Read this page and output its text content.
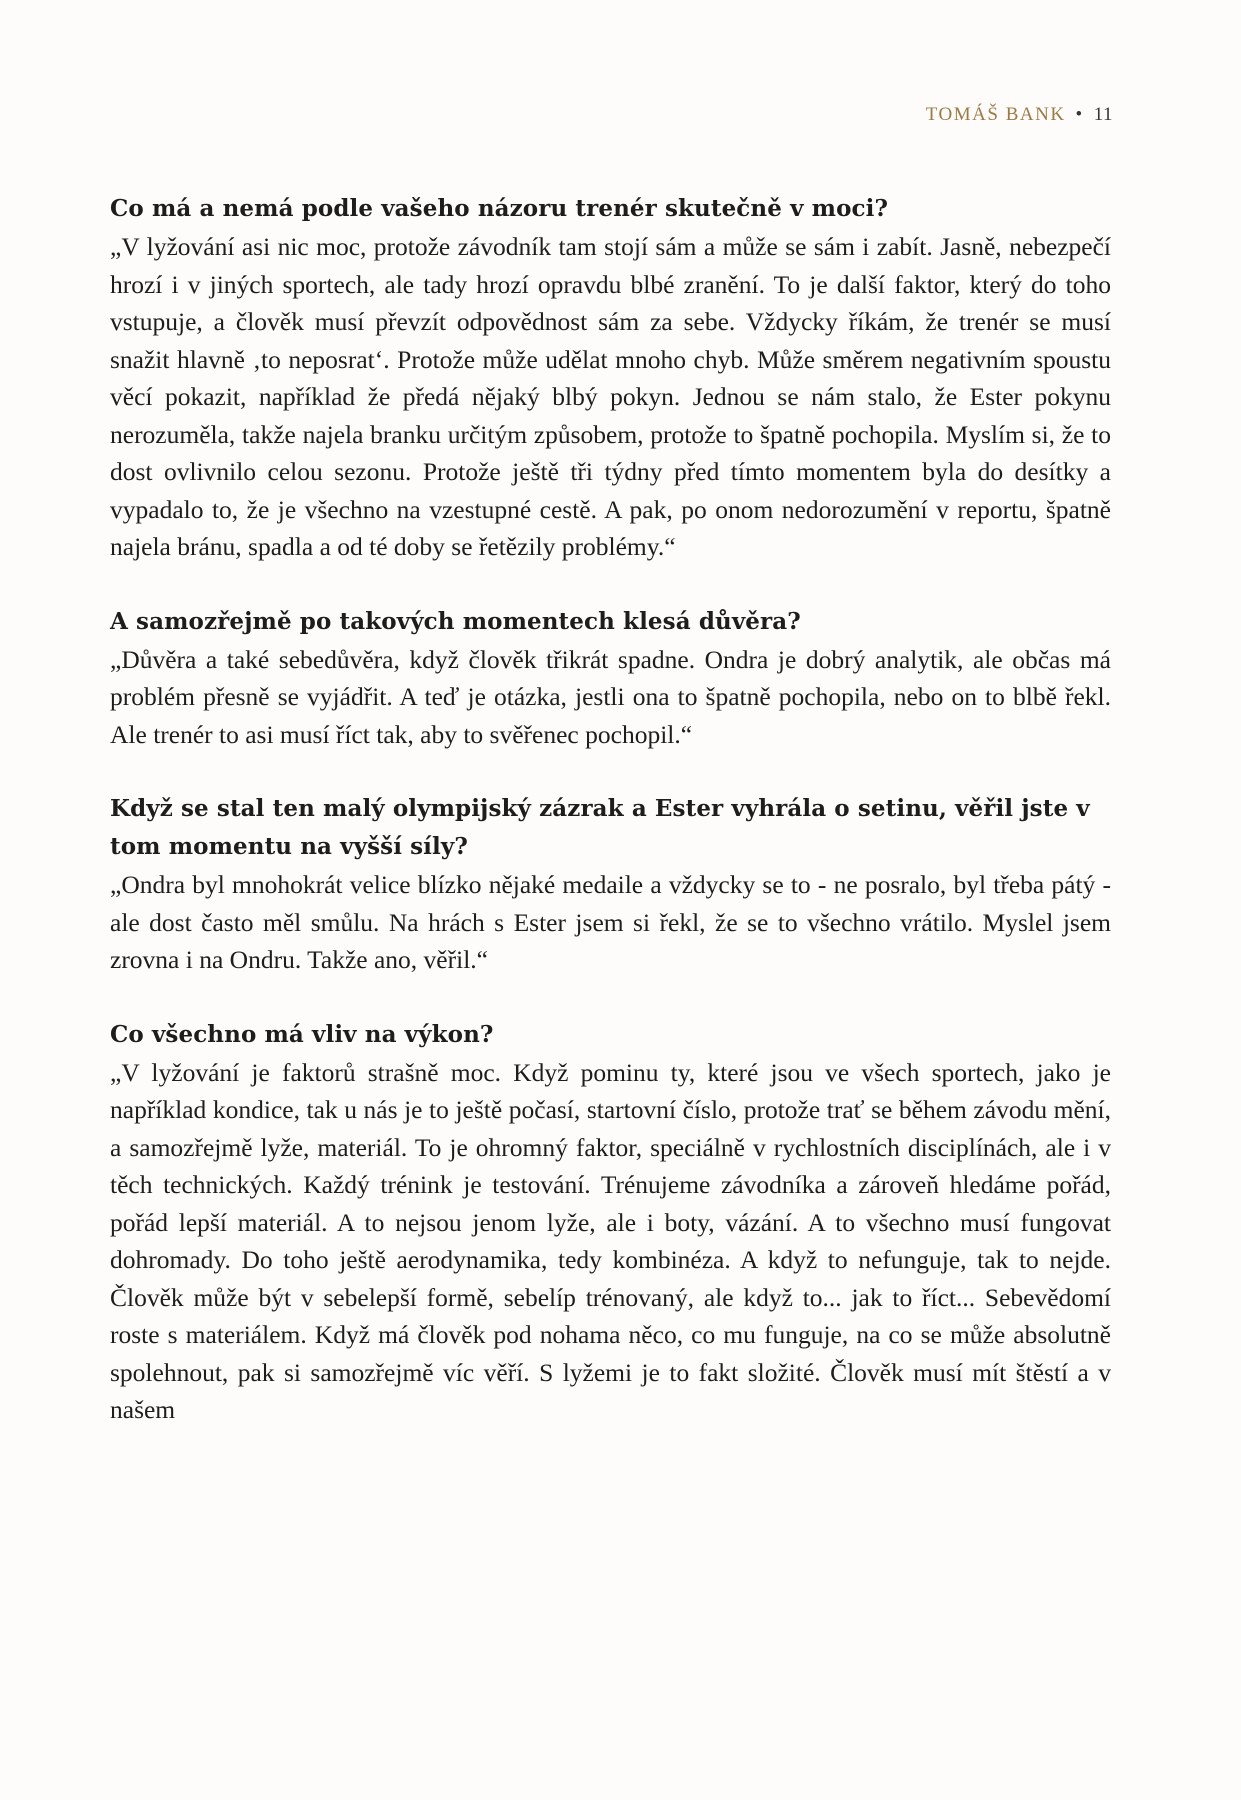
TOMÁŠ BANK • 11

Co má a nemá podle vašeho názoru trenér skutečně v moci?

„V lyžování asi nic moc, protože závodník tam stojí sám a může se sám i zabít. Jasně, nebezpečí hrozí i v jiných sportech, ale tady hrozí opravdu blbé zranění. To je další faktor, který do toho vstupuje, a člověk musí převzít odpovědnost sám za sebe. Vždycky říkám, že trenér se musí snažit hlavně ‚to neposrat‘. Protože může udělat mnoho chyb. Může směrem negativním spoustu věcí pokazit, například že předá nějaký blbý pokyn. Jednou se nám stalo, že Ester pokynu nerozuměla, takže najela branku určitým způsobem, protože to špatně pochopila. Myslím si, že to dost ovlivnilo celou sezonu. Protože ještě tři týdny před tímto momentem byla do desítky a vypadalo to, že je všechno na vzestupné cestě. A pak, po onom nedorozumění v reportu, špatně najela bránu, spadla a od té doby se řetězily problémy.“

A samozřejmě po takových momentech klesá důvěra?

„Důvěra a také sebedůvěra, když člověk třikrát spadne. Ondra je dobrý analytik, ale občas má problém přesně se vyjádřit. A teď je otázka, jestli ona to špatně pochopila, nebo on to blbě řekl. Ale trenér to asi musí říct tak, aby to svěřenec pochopil.“

Když se stal ten malý olympijský zázrak a Ester vyhrála o setinu, věřil jste v tom momentu na vyšší síly?

„Ondra byl mnohokrát velice blízko nějaké medaile a vždycky se to - ne posralo, byl třeba pátý - ale dost často měl smůlu. Na hrách s Ester jsem si řekl, že se to všechno vrátilo. Myslel jsem zrovna i na Ondru. Takže ano, věřil.“

Co všechno má vliv na výkon?

„V lyžování je faktorů strašně moc. Když pominu ty, které jsou ve všech sportech, jako je například kondice, tak u nás je to ještě počasí, startovní číslo, protože trať se během závodu mění, a samozřejmě lyže, materiál. To je ohromný faktor, speciálně v rychlostních disciplínách, ale i v těch technických. Každý trénink je testování. Trénujeme závodníka a zároveň hledáme pořád, pořád lepší materiál. A to nejsou jenom lyže, ale i boty, vázání. A to všechno musí fungovat dohromady. Do toho ještě aerodynamika, tedy kombinéza. A když to nefunguje, tak to nejde. Člověk může být v sebelepší formě, sebelíp trénovaný, ale když to... jak to říct... Sebevědomí roste s materiálem. Když má člověk pod nohama něco, co mu funguje, na co se může absolutně spolehnout, pak si samozřejmě víc věří. S lyžemi je to fakt složité. Člověk musí mít štěstí a v našem
